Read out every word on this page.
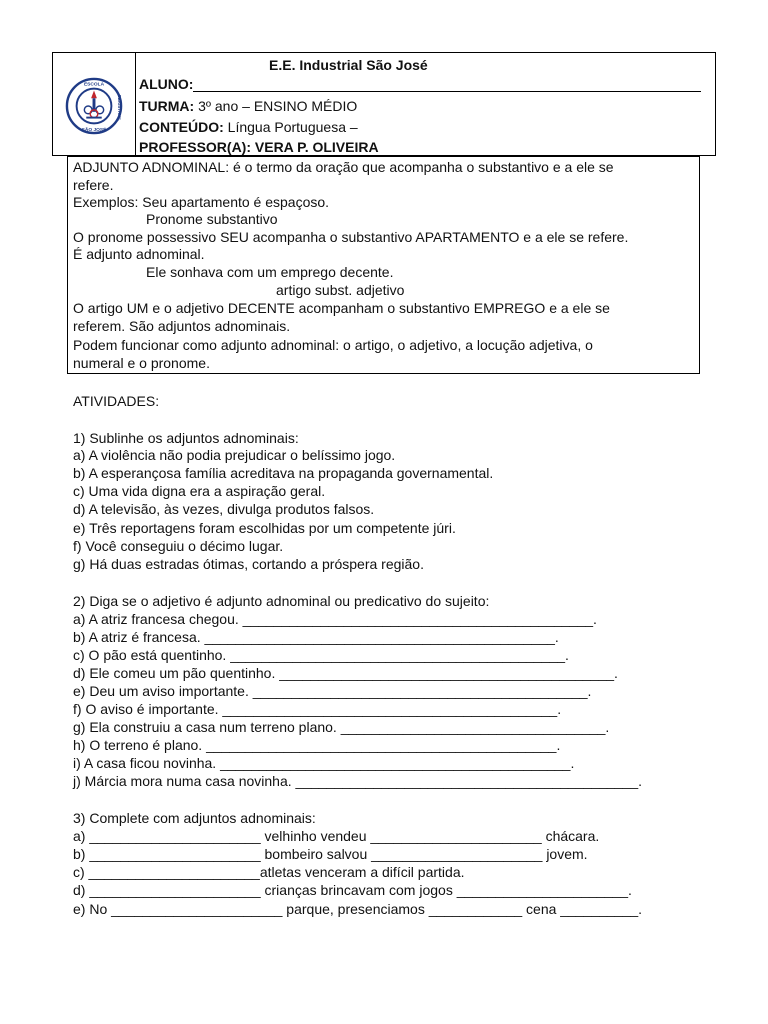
ESCOLA
INDUSTRIAL
SÃO JOSÉ
E.E. Industrial São José
ALUNO:
TURMA: 3º ano – ENSINO MÉDIO
CONTEÚDO: Língua Portuguesa –
PROFESSOR(A): VERA P. OLIVEIRA
ADJUNTO ADNOMINAL: é o termo da oração que acompanha o substantivo e a ele se
refere.
Exemplos: Seu apartamento é espaçoso.
Pronome substantivo
O pronome possessivo SEU acompanha o substantivo APARTAMENTO e a ele se refere.
É adjunto adnominal.
Ele sonhava com um emprego decente.
artigo subst. adjetivo
O artigo UM e o adjetivo DECENTE acompanham o substantivo EMPREGO e a ele se
referem. São adjuntos adnominais.
Podem funcionar como adjunto adnominal: o artigo, o adjetivo, a locução adjetiva, o
numeral e o pronome.
ATIVIDADES:
1) Sublinhe os adjuntos adnominais:
a) A violência não podia prejudicar o belíssimo jogo.
b) A esperançosa família acreditava na propaganda governamental.
c) Uma vida digna era a aspiração geral.
d) A televisão, às vezes, divulga produtos falsos.
e) Três reportagens foram escolhidas por um competente júri.
f) Você conseguiu o décimo lugar.
g) Há duas estradas ótimas, cortando a próspera região.
2) Diga se o adjetivo é adjunto adnominal ou predicativo do sujeito:
a) A atriz francesa chegou. _____________________________________________.
b) A atriz é francesa. _____________________________________________.
c) O pão está quentinho. ___________________________________________.
d) Ele comeu um pão quentinho. ___________________________________________.
e) Deu um aviso importante. ___________________________________________.
f) O aviso é importante. ___________________________________________.
g) Ela construiu a casa num terreno plano. __________________________________.
h) O terreno é plano. _____________________________________________.
i) A casa ficou novinha. _____________________________________________.
j) Márcia mora numa casa novinha. ____________________________________________.
3) Complete com adjuntos adnominais:
a) ______________________ velhinho vendeu ______________________ chácara.
b) ______________________ bombeiro salvou ______________________ jovem.
c) ______________________atletas venceram a difícil partida.
d) ______________________ crianças brincavam com jogos ______________________.
e) No ______________________ parque, presenciamos ____________ cena __________.
